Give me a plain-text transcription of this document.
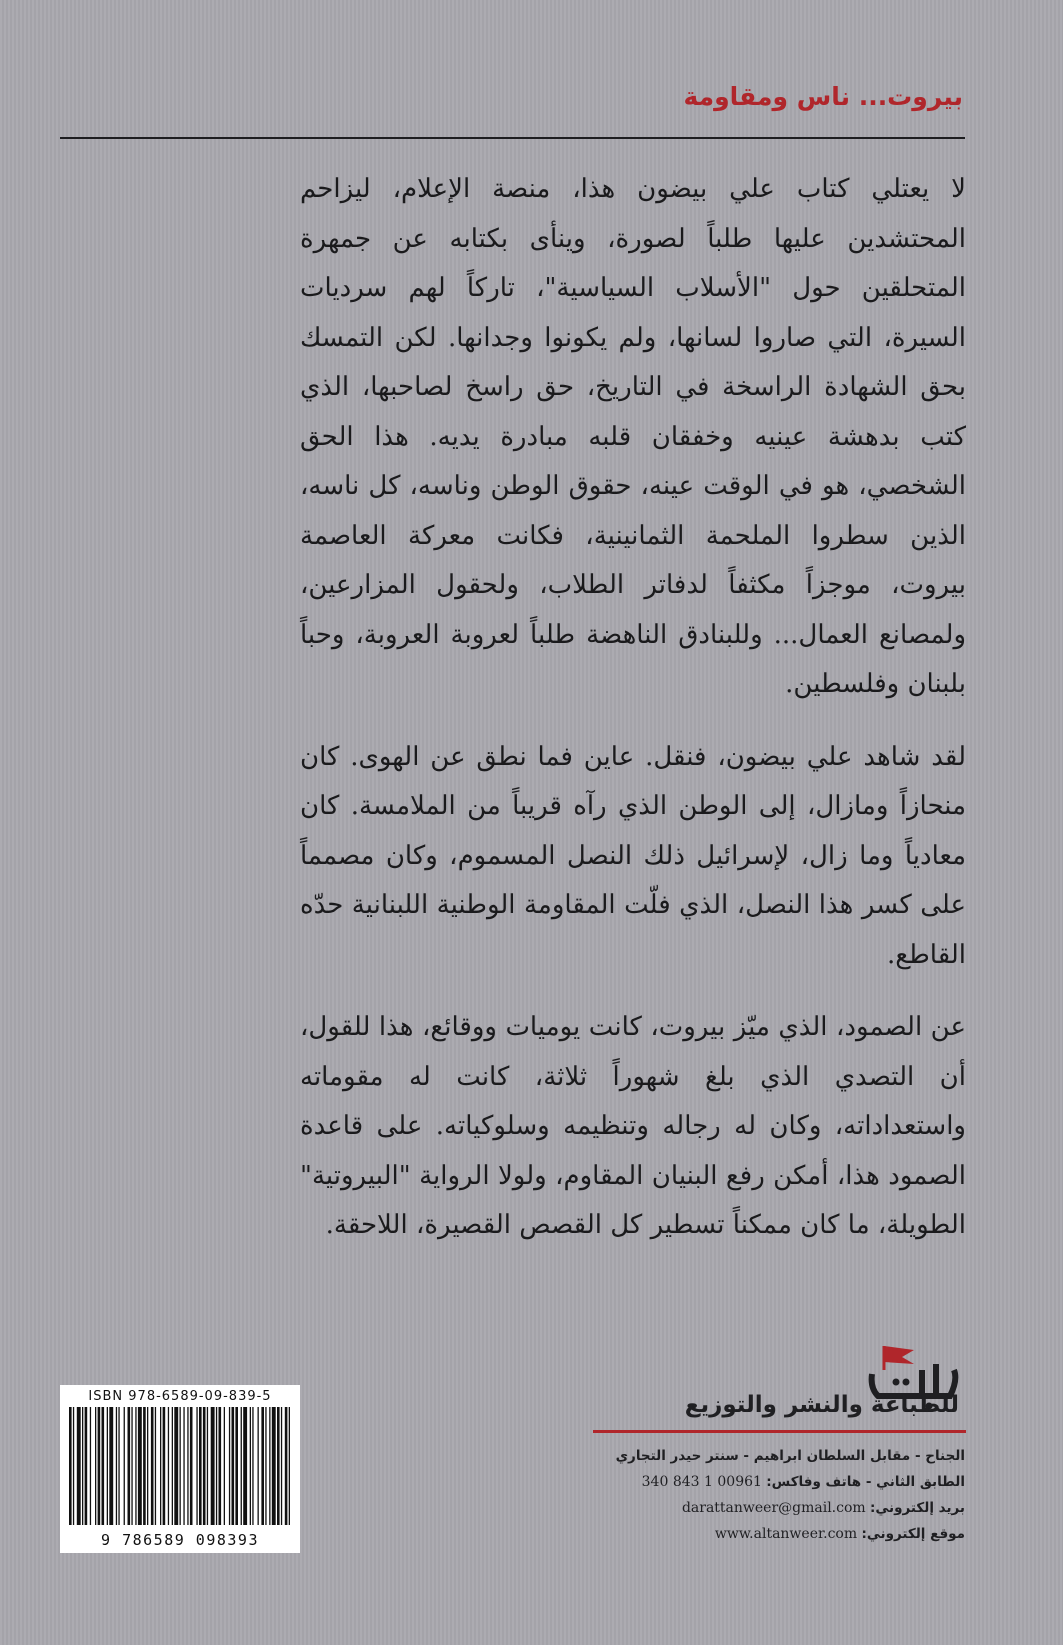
بيروت... ناس ومقاومة

لا يعتلي كتاب علي بيضون هذا، منصة الإعلام، ليزاحم المحتشدين عليها طلباً لصورة، وينأى بكتابه عن جمهرة المتحلقين حول "الأسلاب السياسية"، تاركاً لهم سرديات السيرة، التي صاروا لسانها، ولم يكونوا وجدانها. لكن التمسك بحق الشهادة الراسخة في التاريخ، حق راسخ لصاحبها، الذي كتب بدهشة عينيه وخفقان قلبه مبادرة يديه. هذا الحق الشخصي، هو في الوقت عينه، حقوق الوطن وناسه، كل ناسه، الذين سطروا الملحمة الثمانينية، فكانت معركة العاصمة بيروت، موجزاً مكثفاً لدفاتر الطلاب، ولحقول المزارعين، ولمصانع العمال... وللبنادق الناهضة طلباً لعروبة العروبة، وحباً بلبنان وفلسطين.

لقد شاهد علي بيضون، فنقل. عاين فما نطق عن الهوى. كان منحازاً ومازال، إلى الوطن الذي رآه قريباً من الملامسة. كان معادياً وما زال، لإسرائيل ذلك النصل المسموم، وكان مصمماً على كسر هذا النصل، الذي فلّت المقاومة الوطنية اللبنانية حدّه القاطع.

عن الصمود، الذي ميّز بيروت، كانت يوميات ووقائع، هذا للقول، أن التصدي الذي بلغ شهوراً ثلاثة، كانت له مقوماته واستعداداته، وكان له رجاله وتنظيمه وسلوكياته. على قاعدة الصمود هذا، أمكن رفع البنيان المقاوم، ولولا الرواية "البيروتية" الطويلة، ما كان ممكناً تسطير كل القصص القصيرة، اللاحقة.

ISBN 978-6589-09-839-5
9 786589 098393
للطباعة والنشر والتوزيع
الجناح - مقابل السلطان ابراهيم - سنتر حيدر التجاري
الطابق الثاني - هاتف وفاكس: 00961 1 843 340
بريد إلكتروني: darattanweer@gmail.com
موقع إلكتروني: www.altanweer.com
